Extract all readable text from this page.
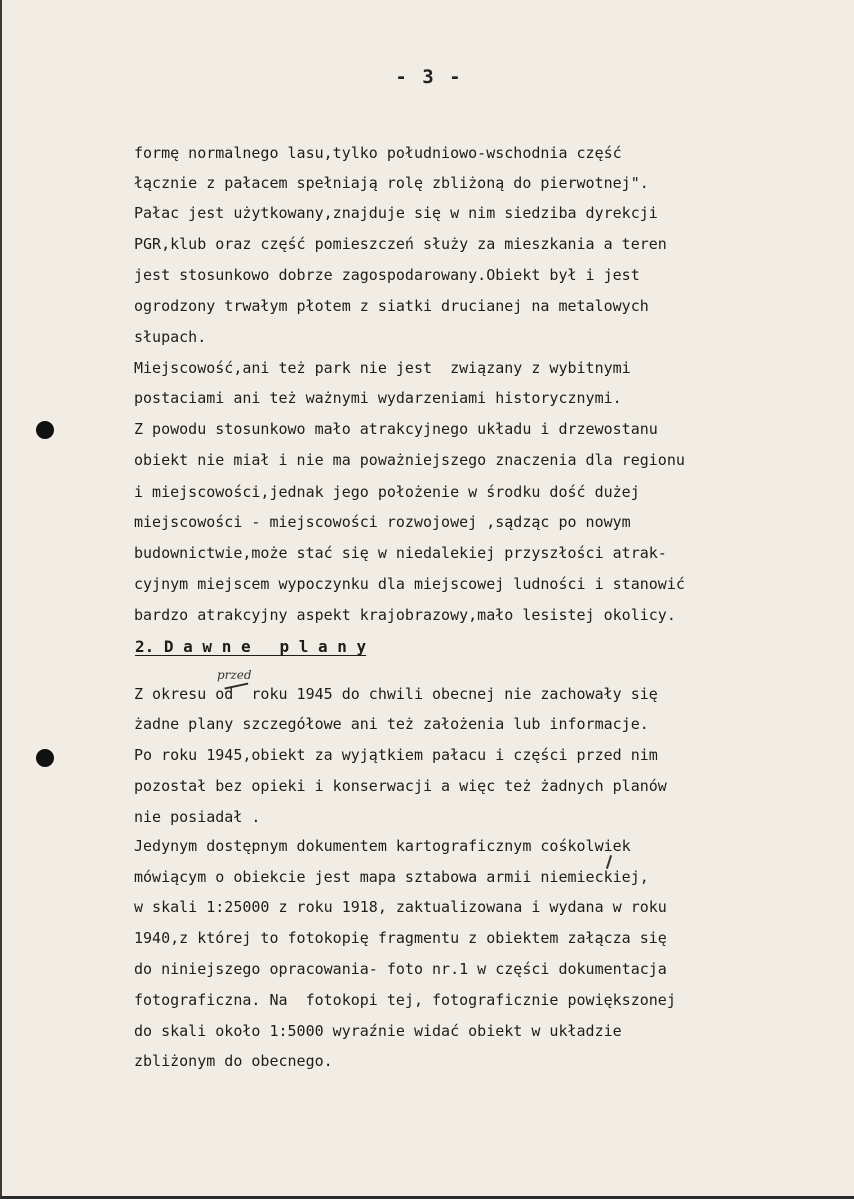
- 3 -
formę normalnego lasu,tylko południowo-wschodnia część
łącznie z pałacem spełniają rolę zbliżoną do pierwotnej".
Pałac jest użytkowany,znajduje się w nim siedziba dyrekcji
PGR,klub oraz część pomieszczeń służy za mieszkania a teren
jest stosunkowo dobrze zagospodarowany.Obiekt był i jest
ogrodzony trwałym płotem z siatki drucianej na metalowych
słupach.
Miejscowość,ani też park nie jest  związany z wybitnymi
postaciami ani też ważnymi wydarzeniami historycznymi.
Z powodu stosunkowo mało atrakcyjnego układu i drzewostanu
obiekt nie miał i nie ma poważniejszego znaczenia dla regionu
i miejscowości,jednak jego położenie w środku dość dużej
miejscowości - miejscowości rozwojowej ,sądząc po nowym
budownictwie,może stać się w niedalekiej przyszłości atrak-
cyjnym miejscem wypoczynku dla miejscowej ludności i stanowić
bardzo atrakcyjny aspekt krajobrazowy,mało lesistej okolicy.
2. D a w n e   p l a n y
przed
Z okresu od  roku 1945 do chwili obecnej nie zachowały się
żadne plany szczegółowe ani też założenia lub informacje.
Po roku 1945,obiekt za wyjątkiem pałacu i części przed nim
pozostał bez opieki i konserwacji a więc też żadnych planów
nie posiadał .
Jedynym dostępnym dokumentem kartograficznym cośkolwiek
mówiącym o obiekcie jest mapa sztabowa armii niemieckiej,
w skali 1:25000 z roku 1918, zaktualizowana i wydana w roku
1940,z której to fotokopię fragmentu z obiektem załącza się
do niniejszego opracowania- foto nr.1 w części dokumentacja
fotograficzna. Na  fotokopi tej, fotograficznie powiększonej
do skali około 1:5000 wyraźnie widać obiekt w układzie
zbliżonym do obecnego.
